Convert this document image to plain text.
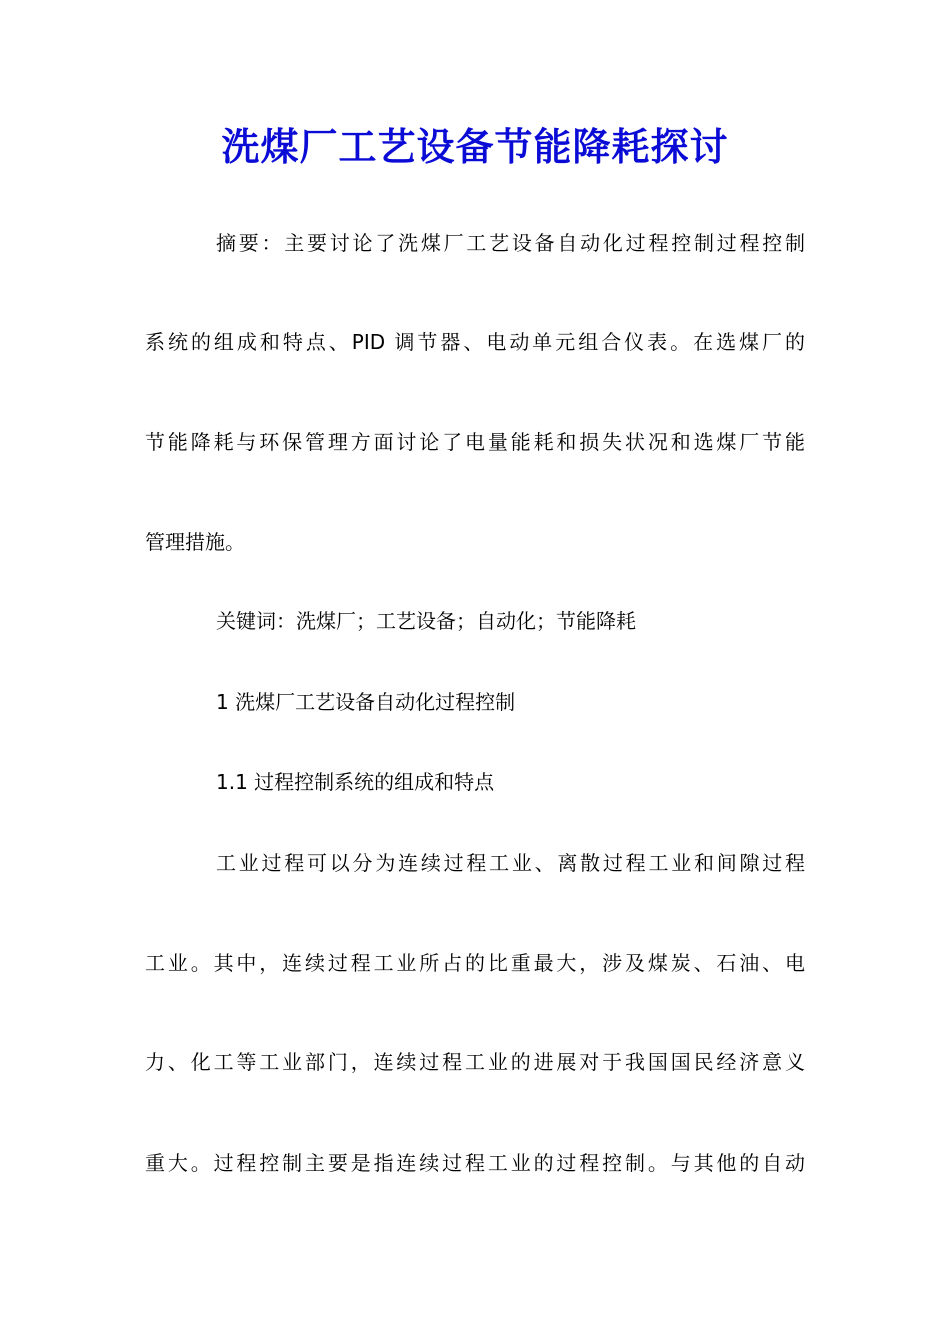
洗煤厂工艺设备节能降耗探讨
摘要：主要讨论了洗煤厂工艺设备自动化过程控制过程控制
系统的组成和特点、PID 调节器、电动单元组合仪表。在选煤厂的
节能降耗与环保管理方面讨论了电量能耗和损失状况和选煤厂节能
管理措施。
关键词：洗煤厂；工艺设备；自动化；节能降耗
1 洗煤厂工艺设备自动化过程控制
1.1 过程控制系统的组成和特点
工业过程可以分为连续过程工业、离散过程工业和间隙过程
工业。其中，连续过程工业所占的比重最大，涉及煤炭、石油、电
力、化工等工业部门，连续过程工业的进展对于我国国民经济意义
重大。过程控制主要是指连续过程工业的过程控制。与其他的自动
